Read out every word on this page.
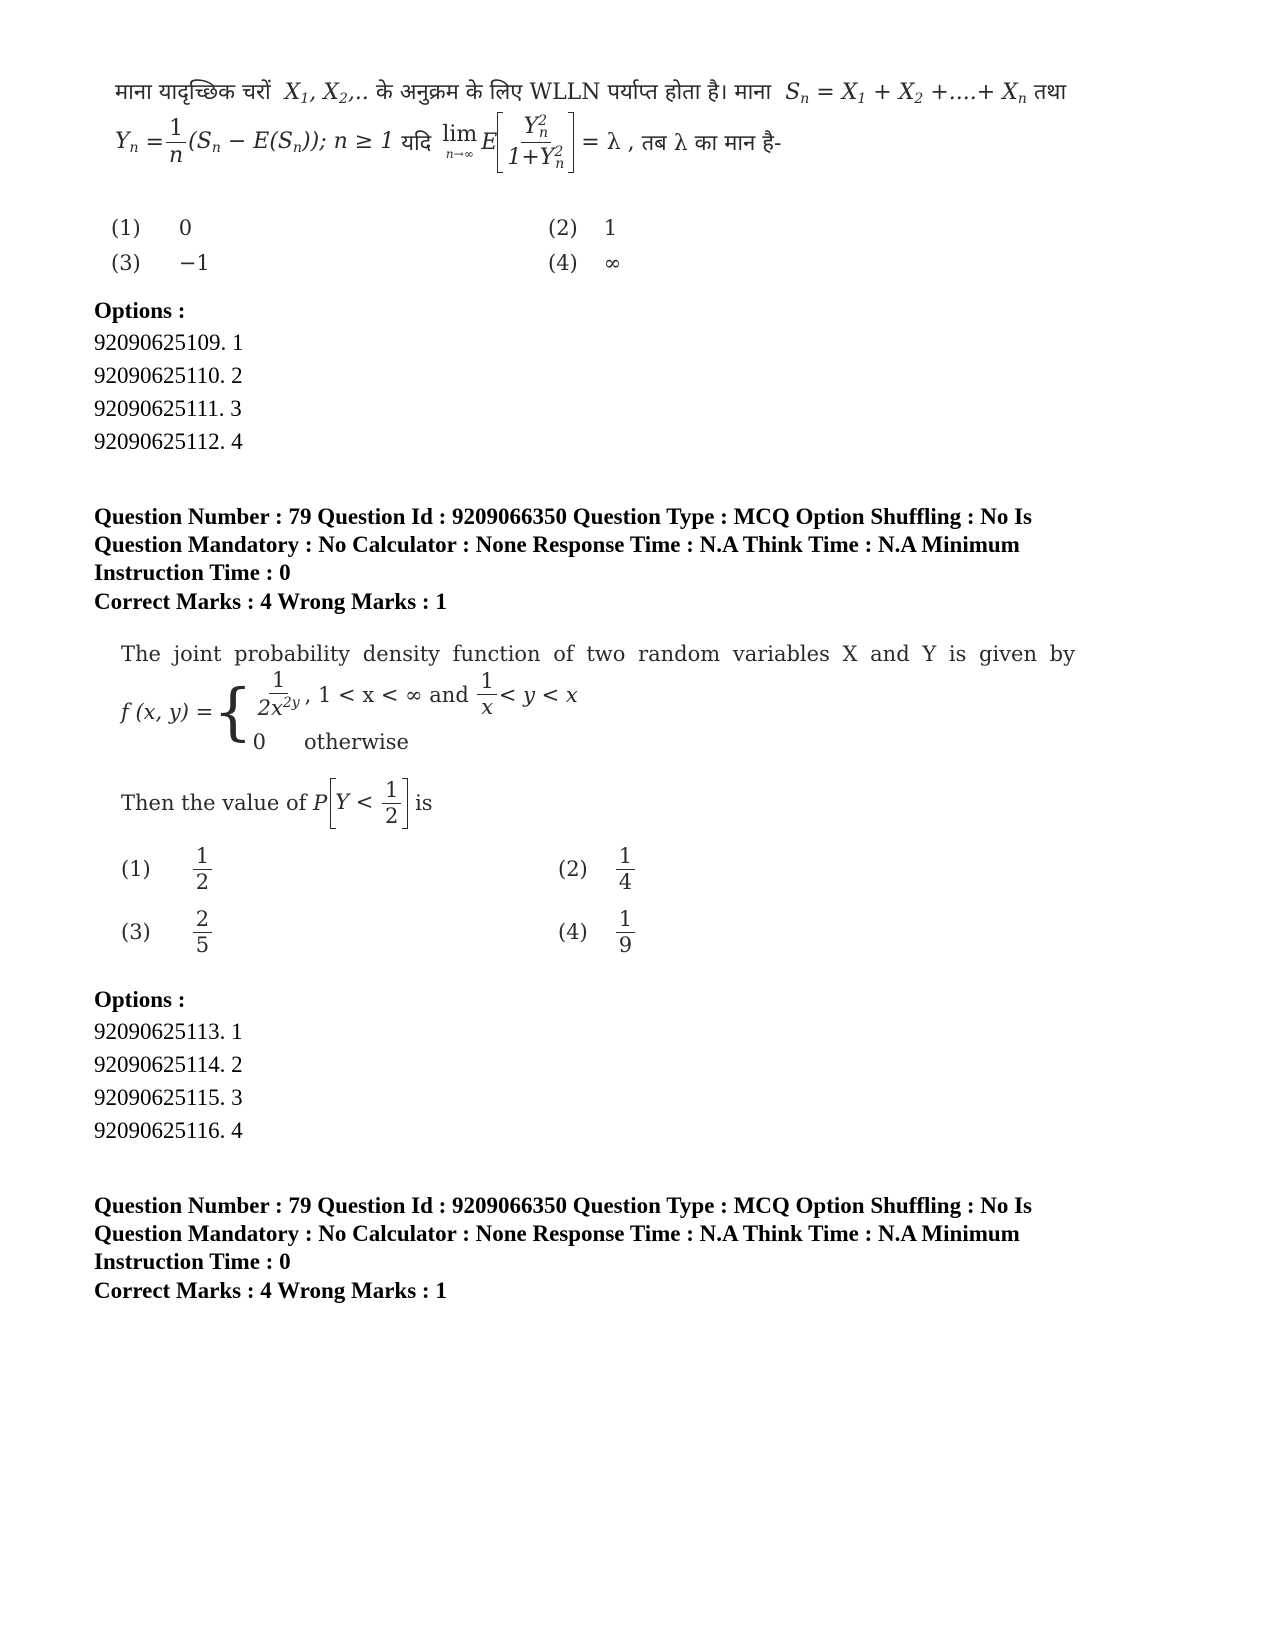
माना यादृच्छिक चरों $X_1$, $X_2$,.. के अनुक्रम के लिए WLLN पर्याप्त होता है। माना $S_n = X_1 + X_2$ +....+ $X_n$ तथा
$Y_n = \frac{1}{n} (S_n - E(S_n))$; n ≥ 1
यदि
lim
n→∞ E $\frac{Y^2_n}{1+Y^2_n}$
= λ ,
तब λ का मान है-
(1) 0	(2) 1
(3) −1	(4) ∞
Options :
92090625109. 1
92090625110. 2
92090625111. 3
92090625112. 4
Question Number : 79 Question Id : 9209066350 Question Type : MCQ Option Shuffling : No Is
Question Mandatory : No Calculator : None Response Time : N.A Think Time : N.A Minimum
Instruction Time : 0
Correct Marks : 4 Wrong Marks : 1
The joint probability density function of two random variables X and Y is given by
f (x, y) = { $\frac{1}{2x^{2y}}$ , 1 < x < ∞ and
$\frac{1}{x} < y < x$
0 otherwise
Then the value of
P $Y < \frac{1}{2}$
is
$(1) \frac{1}{2}$	$(2) \frac{1}{4}$
$(3) \frac{2}{5}$	$(4) \frac{1}{9}$
Options :
92090625113. 1
92090625114. 2
92090625115. 3
92090625116. 4
Question Number : 79 Question Id : 9209066350 Question Type : MCQ Option Shuffling : No Is
Question Mandatory : No Calculator : None Response Time : N.A Think Time : N.A Minimum
Instruction Time : 0
Correct Marks : 4 Wrong Marks : 1
